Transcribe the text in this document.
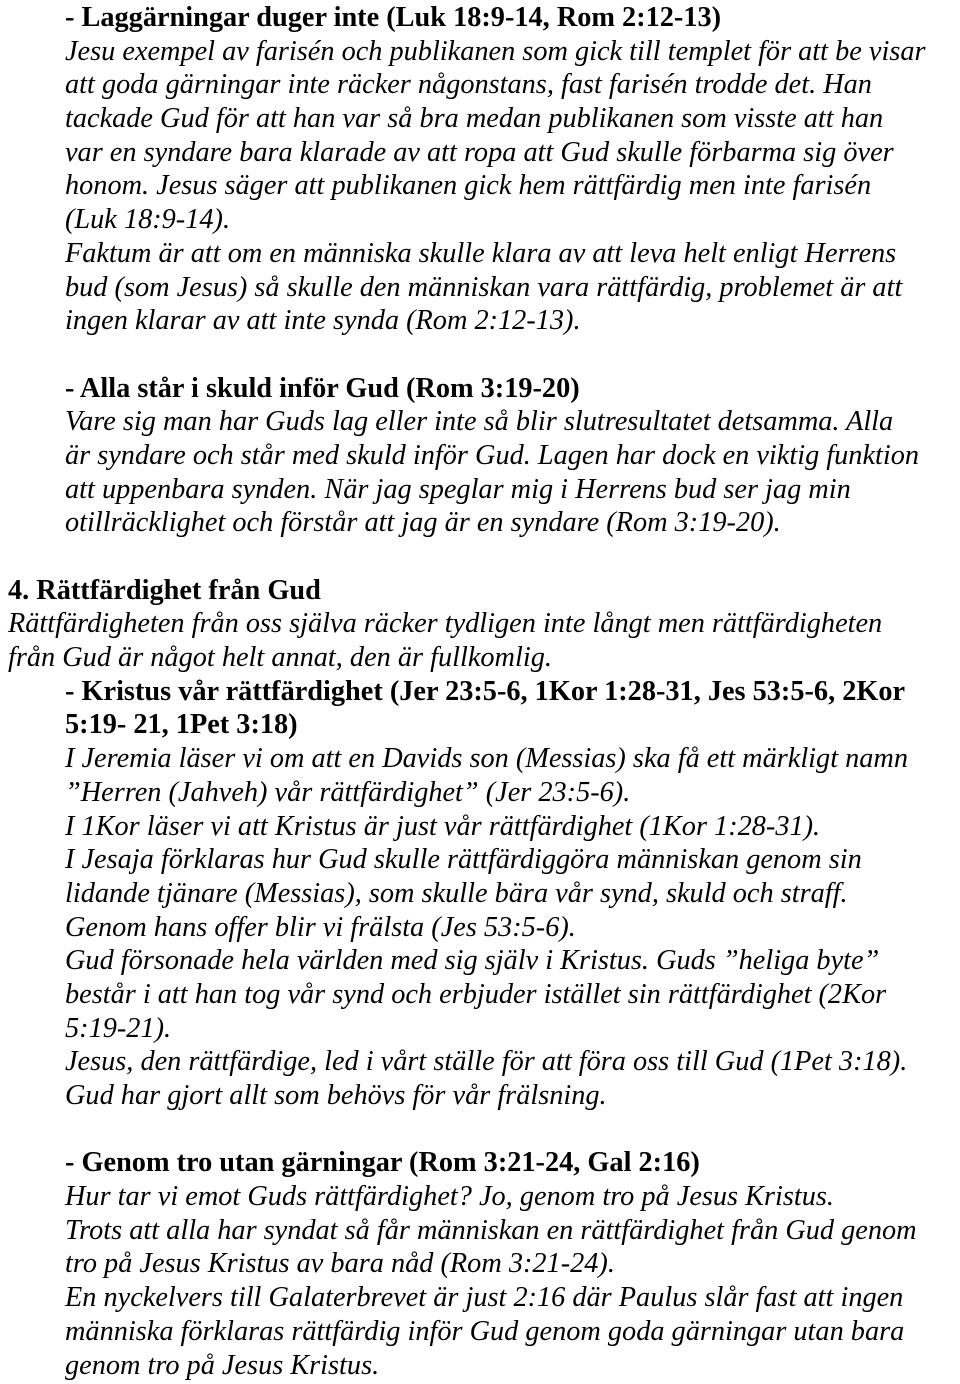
- Laggärningar duger inte (Luk 18:9-14, Rom 2:12-13)
Jesu exempel av farisén och publikanen som gick till templet för att be visar
att goda gärningar inte räcker någonstans, fast farisén trodde det. Han
tackade Gud för att han var så bra medan publikanen som visste att han
var en syndare bara klarade av att ropa att Gud skulle förbarma sig över
honom. Jesus säger att publikanen gick hem rättfärdig men inte farisén
(Luk 18:9-14).
Faktum är att om en människa skulle klara av att leva helt enligt Herrens
bud (som Jesus) så skulle den människan vara rättfärdig, problemet är att
ingen klarar av att inte synda (Rom 2:12-13).
- Alla står i skuld inför Gud (Rom 3:19-20)
Vare sig man har Guds lag eller inte så blir slutresultatet detsamma. Alla
är syndare och står med skuld inför Gud. Lagen har dock en viktig funktion
att uppenbara synden. När jag speglar mig i Herrens bud ser jag min
otillräcklighet och förstår att jag är en syndare (Rom 3:19-20).
4. Rättfärdighet från Gud
Rättfärdigheten från oss själva räcker tydligen inte långt men rättfärdigheten
från Gud är något helt annat, den är fullkomlig.
- Kristus vår rättfärdighet (Jer 23:5-6, 1Kor 1:28-31, Jes 53:5-6, 2Kor
5:19- 21, 1Pet 3:18)
I Jeremia läser vi om att en Davids son (Messias) ska få ett märkligt namn
”Herren (Jahveh) vår rättfärdighet” (Jer 23:5-6).
I 1Kor läser vi att Kristus är just vår rättfärdighet (1Kor 1:28-31).
I Jesaja förklaras hur Gud skulle rättfärdiggöra människan genom sin
lidande tjänare (Messias), som skulle bära vår synd, skuld och straff.
Genom hans offer blir vi frälsta (Jes 53:5-6).
Gud försonade hela världen med sig själv i Kristus. Guds ”heliga byte”
består i att han tog vår synd och erbjuder istället sin rättfärdighet (2Kor
5:19-21).
Jesus, den rättfärdige, led i vårt ställe för att föra oss till Gud (1Pet 3:18).
Gud har gjort allt som behövs för vår frälsning.
- Genom tro utan gärningar (Rom 3:21-24, Gal 2:16)
Hur tar vi emot Guds rättfärdighet? Jo, genom tro på Jesus Kristus.
Trots att alla har syndat så får människan en rättfärdighet från Gud genom
tro på Jesus Kristus av bara nåd (Rom 3:21-24).
En nyckelvers till Galaterbrevet är just 2:16 där Paulus slår fast att ingen
människa förklaras rättfärdig inför Gud genom goda gärningar utan bara
genom tro på Jesus Kristus.
